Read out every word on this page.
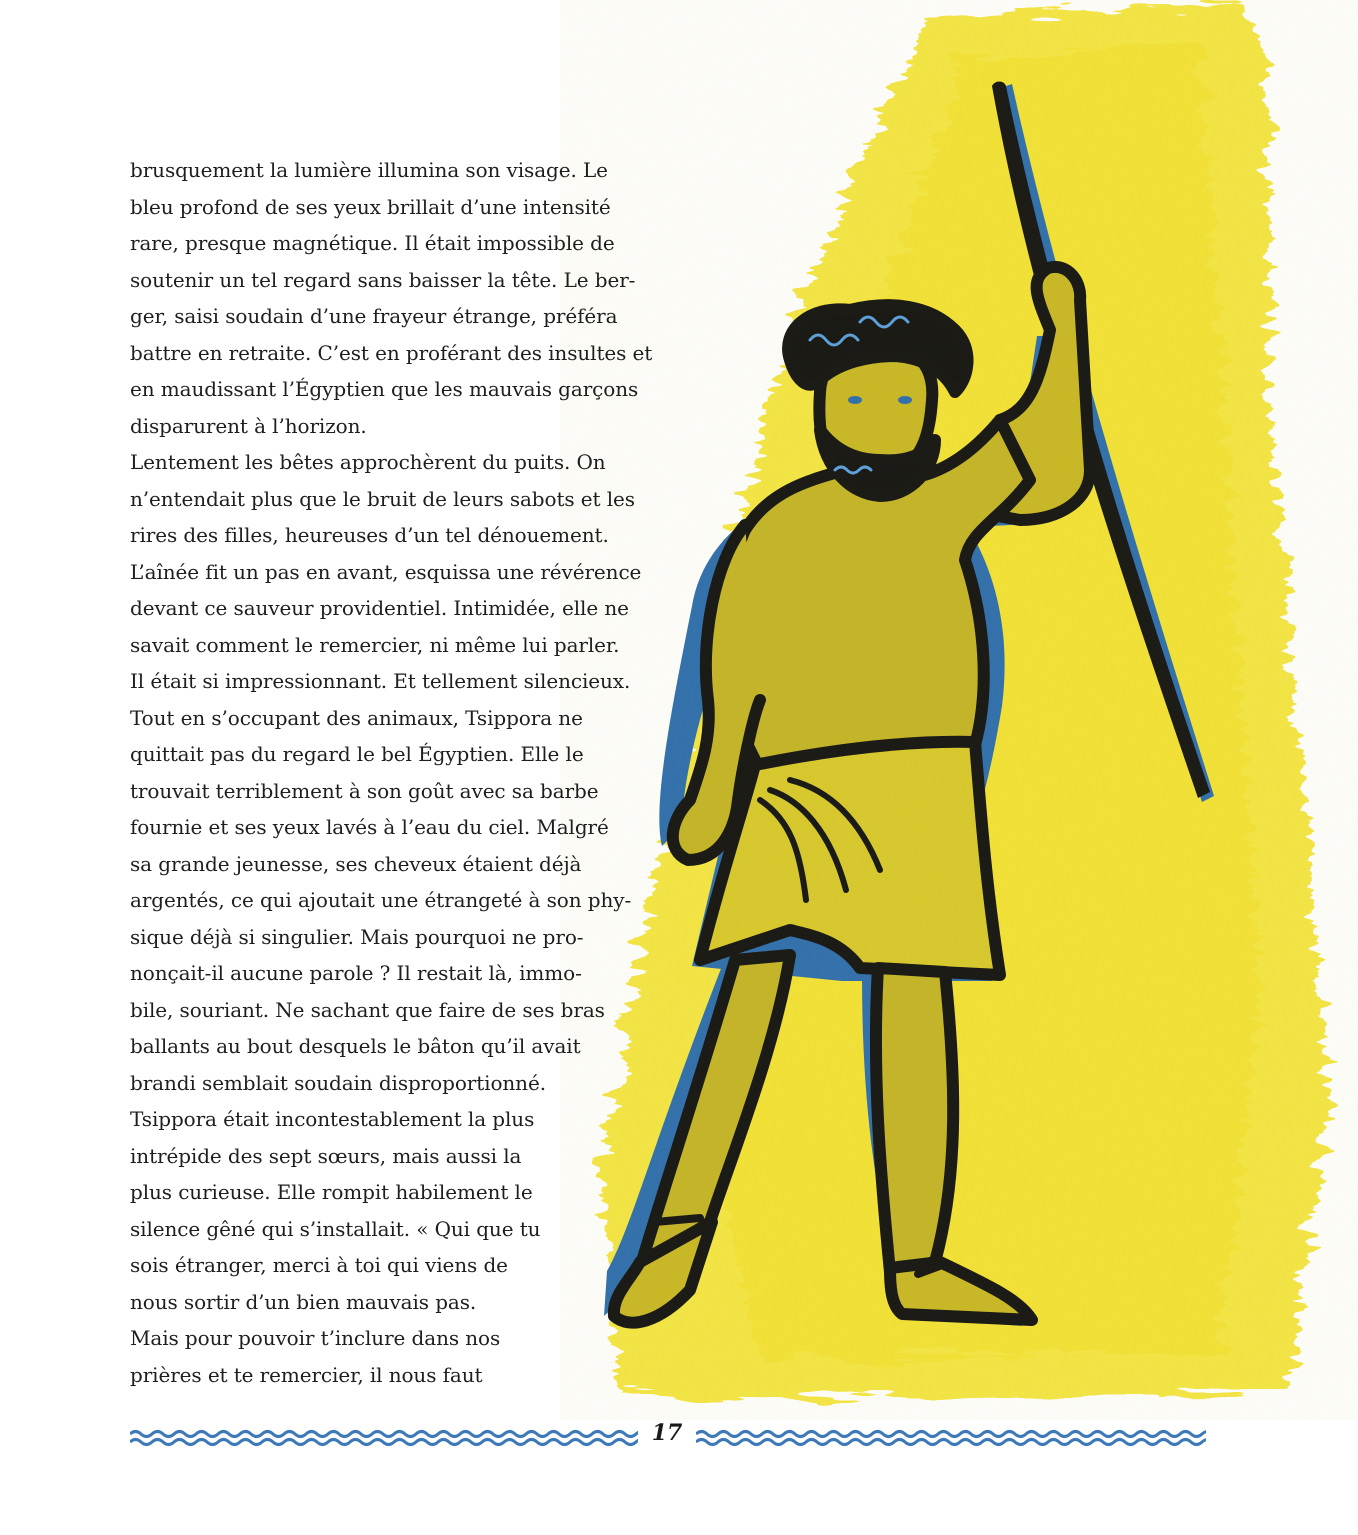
brusquement la lumière illumina son visage. Le
bleu profond de ses yeux brillait d’une intensité
rare, presque magnétique. Il était impossible de
soutenir un tel regard sans baisser la tête. Le ber-
ger, saisi soudain d’une frayeur étrange, préféra
battre en retraite. C’est en proférant des insultes et
en maudissant l’Égyptien que les mauvais garçons
disparurent à l’horizon.
Lentement les bêtes approchèrent du puits. On
n’entendait plus que le bruit de leurs sabots et les
rires des filles, heureuses d’un tel dénouement.
L’aînée fit un pas en avant, esquissa une révérence
devant ce sauveur providentiel. Intimidée, elle ne
savait comment le remercier, ni même lui parler.
Il était si impressionnant. Et tellement silencieux.
Tout en s’occupant des animaux, Tsippora ne
quittait pas du regard le bel Égyptien. Elle le
trouvait terriblement à son goût avec sa barbe
fournie et ses yeux lavés à l’eau du ciel. Malgré
sa grande jeunesse, ses cheveux étaient déjà
argentés, ce qui ajoutait une étrangeté à son phy-
sique déjà si singulier. Mais pourquoi ne pro-
nonçait-il aucune parole ? Il restait là, immo-
bile, souriant. Ne sachant que faire de ses bras
ballants au bout desquels le bâton qu’il avait
brandi semblait soudain disproportionné.
Tsippora était incontestablement la plus
intrépide des sept sœurs, mais aussi la
plus curieuse. Elle rompit habilement le
silence gêné qui s’installait. « Qui que tu
sois étranger, merci à toi qui viens de
nous sortir d’un bien mauvais pas.
Mais pour pouvoir t’inclure dans nos
prières et te remercier, il nous faut
17
